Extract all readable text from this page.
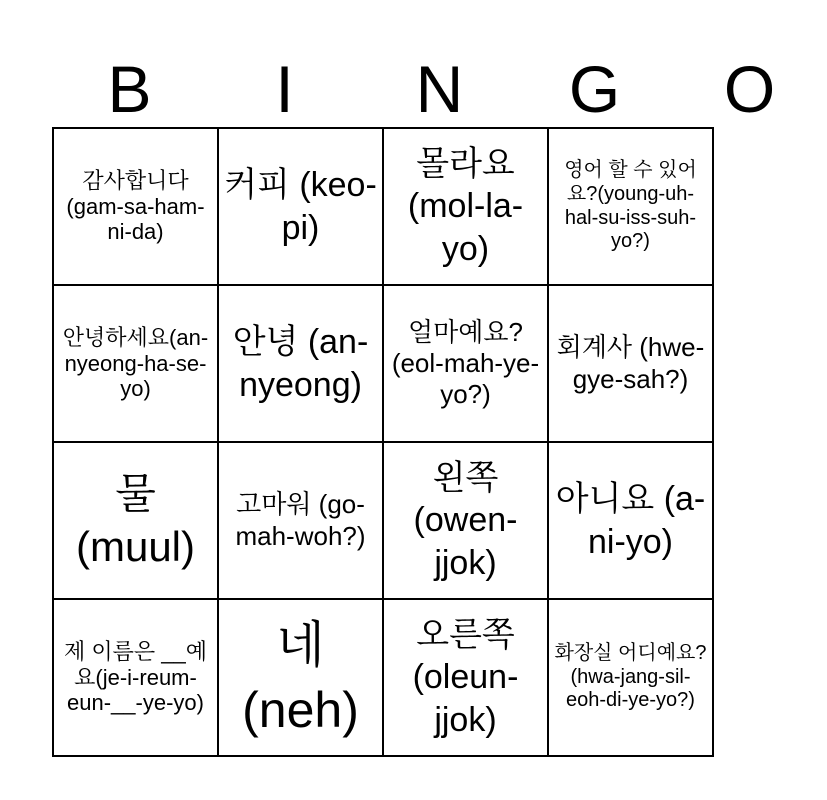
B	I	N	G	O
감사합니다(gam-sa-ham-ni-da)	커피 (keo-pi)	몰라요 (mol-la-yo)	영어 할 수 있어요?(young-uh-hal-su-iss-suh-yo?)
안녕하세요(an-nyeong-ha-se-yo)	안녕 (an-nyeong)	얼마예요? (eol-mah-ye-yo?)	회계사 (hwe-gye-sah?)
물 (muul)	고마워 (go-mah-woh?)	왼쪽 (owen-jjok)	아니요 (a-ni-yo)
제 이름은 __예요(je-i-reum-eun-__-ye-yo)	네 (neh)	오른쪽 (oleun-jjok)	화장실 어디예요?(hwa-jang-sil-eoh-di-ye-yo?)
